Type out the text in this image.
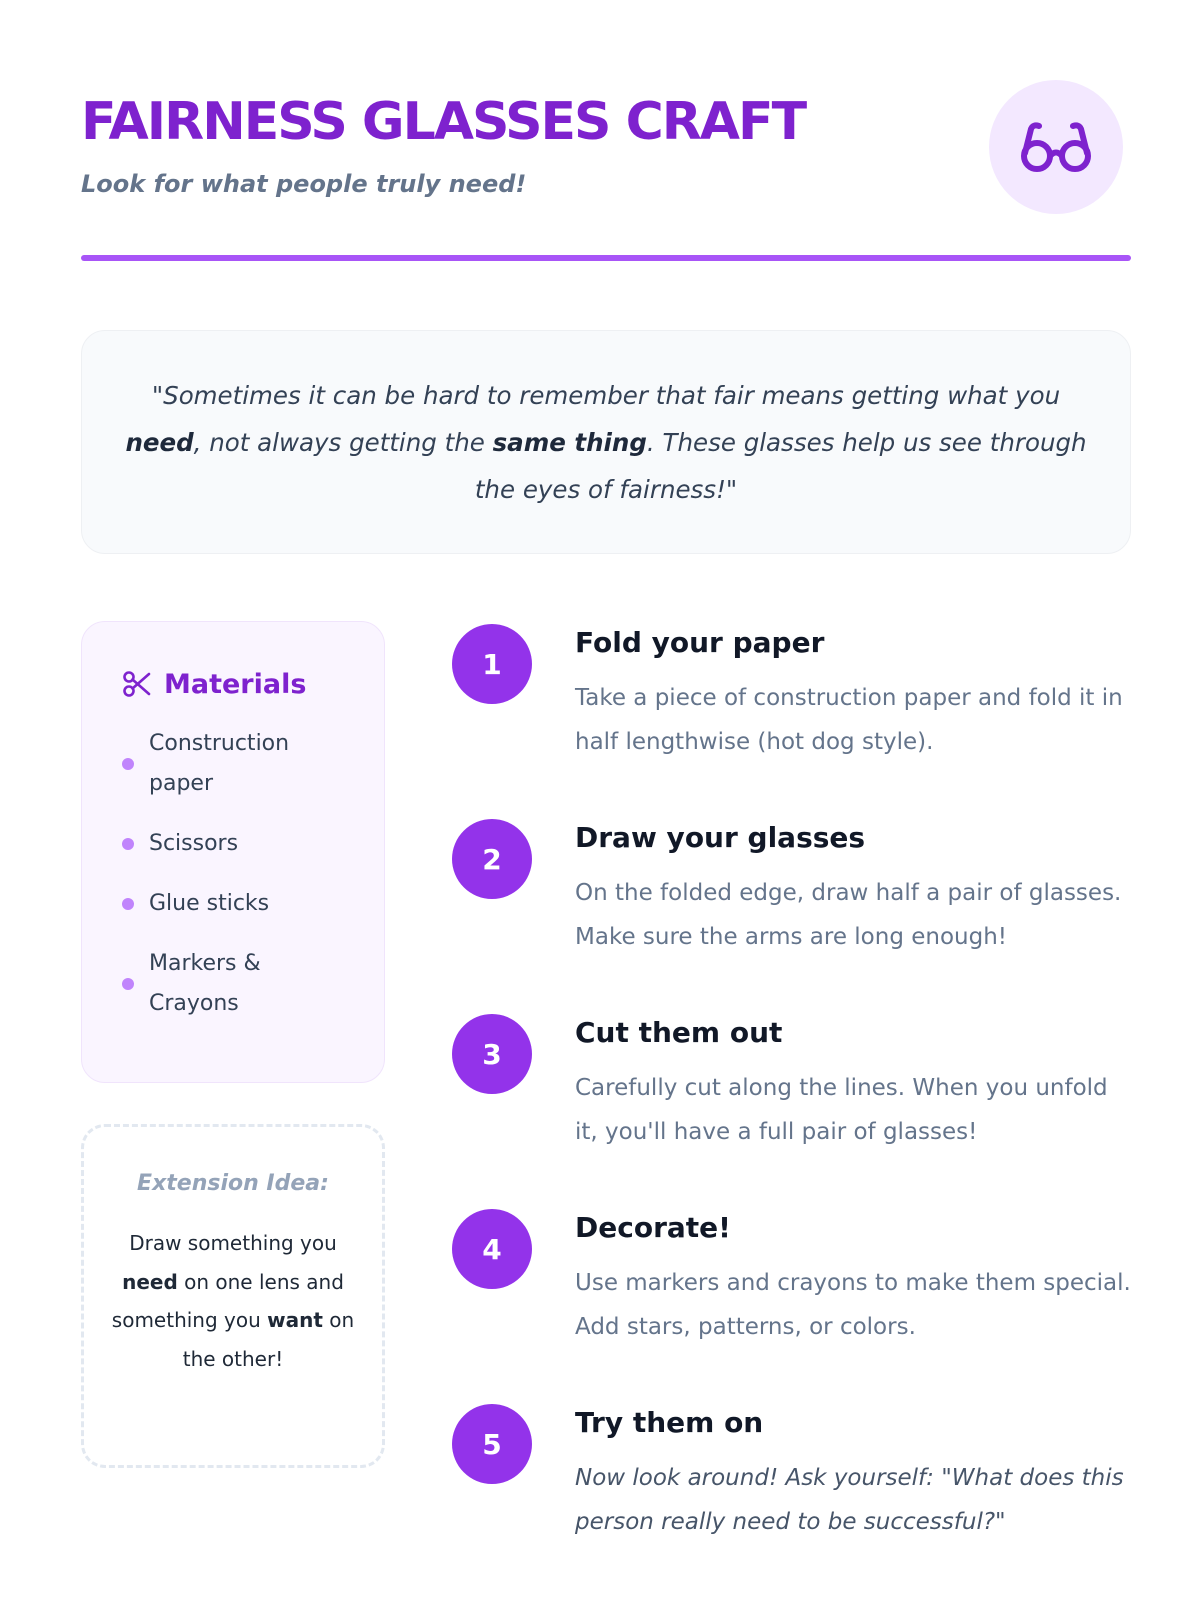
FAIRNESS GLASSES CRAFT
Look for what people truly need!

"Sometimes it can be hard to remember that fair means getting what you need, not always getting the same thing. These glasses help us see through the eyes of fairness!"

Materials
Construction paper
Scissors
Glue sticks
Markers & Crayons
Extension Idea:
Draw something you need on one lens and something you want on the other!
1
Fold your paper
Take a piece of construction paper and fold it in half lengthwise (hot dog style).
2
Draw your glasses
On the folded edge, draw half a pair of glasses. Make sure the arms are long enough!
3
Cut them out
Carefully cut along the lines. When you unfold it, you'll have a full pair of glasses!
4
Decorate!
Use markers and crayons to make them special. Add stars, patterns, or colors.
5
Try them on
Now look around! Ask yourself: "What does this person really need to be successful?"
